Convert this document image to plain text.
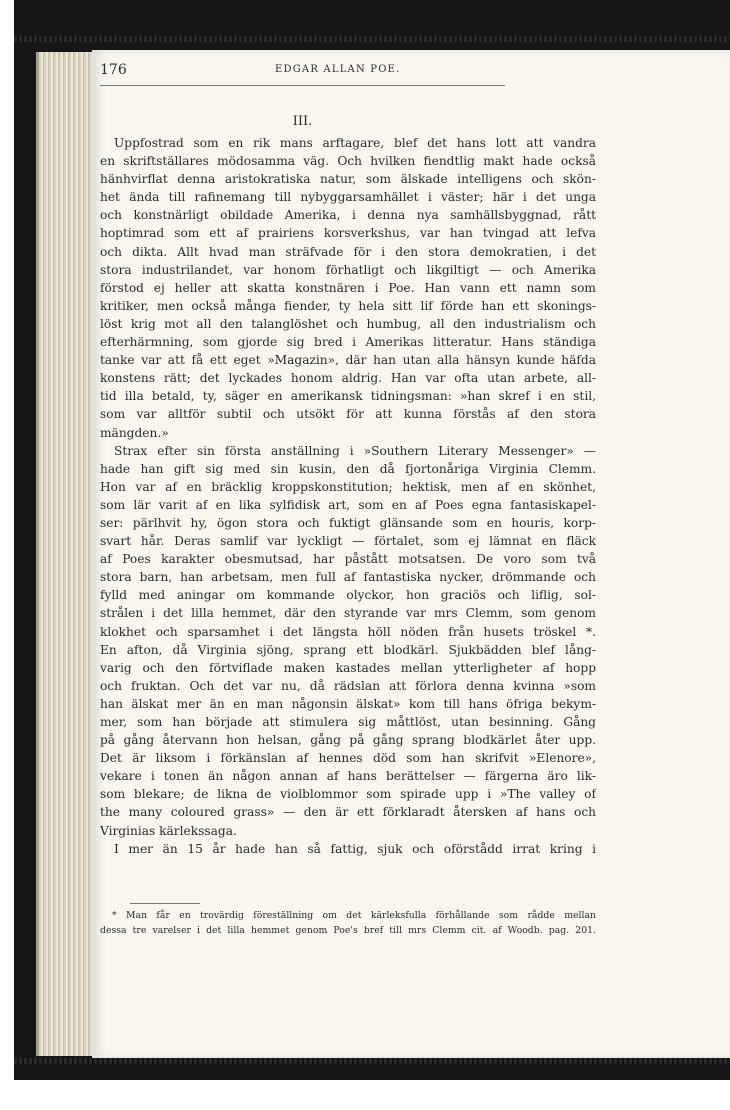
176	EDGAR ALLAN POE.
III.
Uppfostrad som en rik mans arftagare, blef det hans lott att vandra
en skriftställares mödosamma väg. Och hvilken fiendtlig makt hade också
hänhvirflat denna aristokratiska natur, som älskade intelligens och skön-
het ända till rafinemang till nybyggarsamhället i väster; här i det unga
och konstnärligt obildade Amerika, i denna nya samhällsbyggnad, rått
hoptimrad som ett af prairiens korsverkshus, var han tvingad att lefva
och dikta. Allt hvad man sträfvade för i den stora demokratien, i det
stora industrilandet, var honom förhatligt och likgiltigt — och Amerika
förstod ej heller att skatta konstnären i Poe. Han vann ett namn som
kritiker, men också många fiender, ty hela sitt lif förde han ett skonings-
löst krig mot all den talanglöshet och humbug, all den industrialism och
efterhärmning, som gjorde sig bred i Amerikas litteratur. Hans ständiga
tanke var att få ett eget »Magazin», där han utan alla hänsyn kunde häfda
konstens rätt; det lyckades honom aldrig. Han var ofta utan arbete, all-
tid illa betald, ty, säger en amerikansk tidningsman: »han skref i en stil,
som var alltför subtil och utsökt för att kunna förstås af den stora
mängden.»
Strax efter sin första anställning i »Southern Literary Messenger» —
hade han gift sig med sin kusin, den då fjortonåriga Virginia Clemm.
Hon var af en bräcklig kroppskonstitution; hektisk, men af en skönhet,
som lär varit af en lika sylfidisk art, som en af Poes egna fantasiskapel-
ser: pärlhvit hy, ögon stora och fuktigt glänsande som en houris, korp-
svart hår. Deras samlif var lyckligt — förtalet, som ej lämnat en fläck
af Poes karakter obesmutsad, har påstått motsatsen. De voro som två
stora barn, han arbetsam, men full af fantastiska nycker, drömmande och
fylld med aningar om kommande olyckor, hon graciös och liflig, sol-
strålen i det lilla hemmet, där den styrande var mrs Clemm, som genom
klokhet och sparsamhet i det längsta höll nöden från husets tröskel *.
En afton, då Virginia sjöng, sprang ett blodkärl. Sjukbädden blef lång-
varig och den förtviflade maken kastades mellan ytterligheter af hopp
och fruktan. Och det var nu, då rädslan att förlora denna kvinna »som
han älskat mer än en man någonsin älskat» kom till hans öfriga bekym-
mer, som han började att stimulera sig måttlöst, utan besinning. Gång
på gång återvann hon helsan, gång på gång sprang blodkärlet åter upp.
Det är liksom i förkänslan af hennes död som han skrifvit »Elenore»,
vekare i tonen än någon annan af hans berättelser — färgerna äro lik-
som blekare; de likna de violblommor som spirade upp i »The valley of
the many coloured grass» — den är ett förklaradt återsken af hans och
Virginias kärlekssaga.
I mer än 15 år hade han så fattig, sjuk och oförstådd irrat kring i
* Man får en trovärdig föreställning om det kärleksfulla förhållande som rådde mellan
dessa tre varelser i det lilla hemmet genom Poe's bref till mrs Clemm cit. af Woodb. pag. 201.
